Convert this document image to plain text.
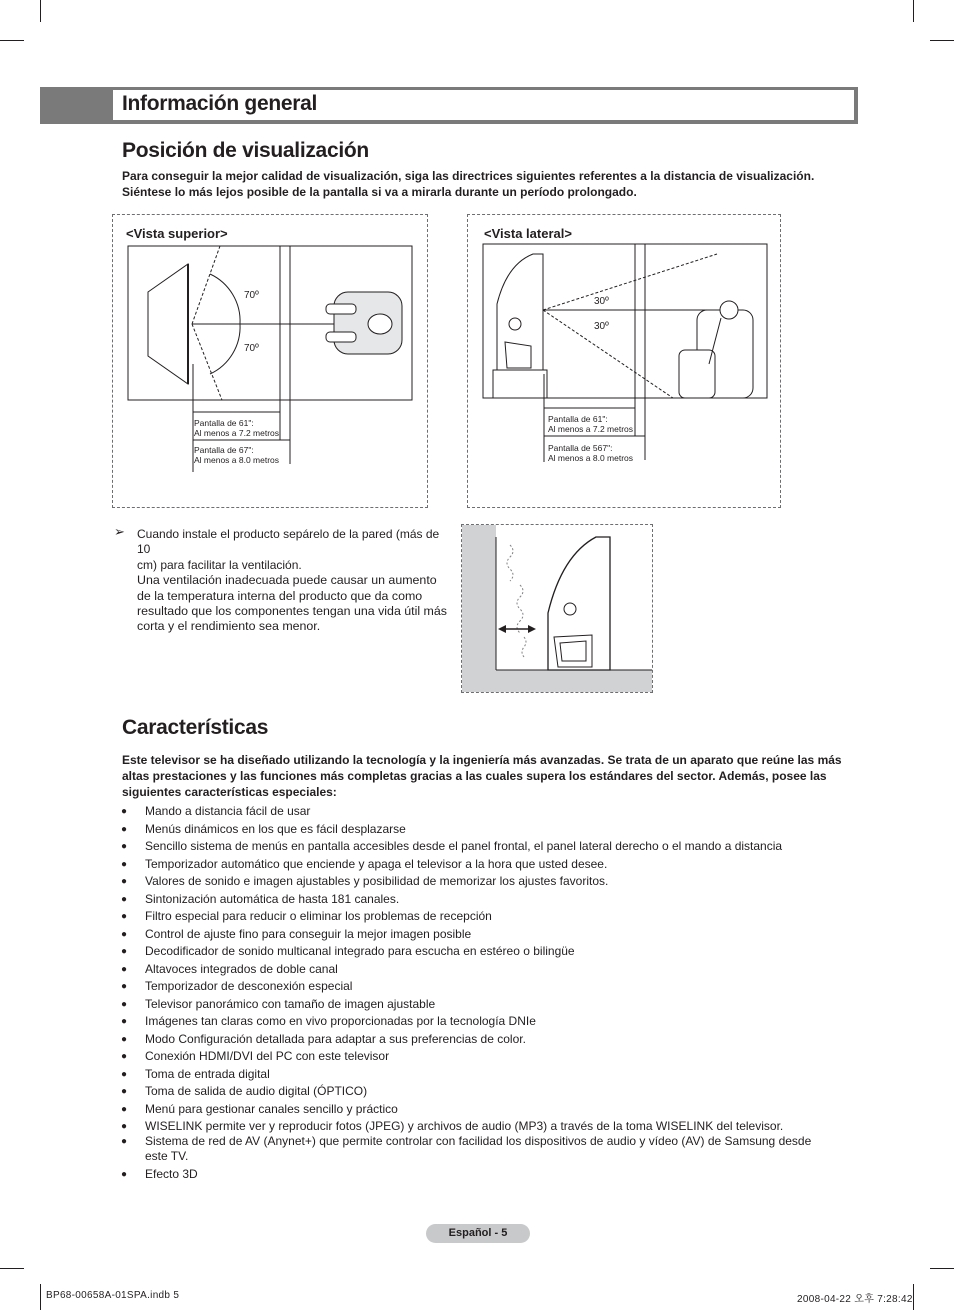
Información general
Posición de visualización
Para conseguir la mejor calidad de visualización, siga las directrices siguientes referentes a la distancia de visualización. Siéntese lo más lejos posible de la pantalla si va a mirarla durante un período prolongado.
<Vista superior>
70º
70º
Pantalla de 61":
Al menos a 7.2 metros
Pantalla de 67":
Al menos a 8.0 metros
<Vista lateral>
30º
30º
Pantalla de 61":
Al menos a 7.2 metros
Pantalla de 567":
Al menos a 8.0 metros
➢ Cuando instale el producto sepárelo de la pared (más de 10
cm) para facilitar la ventilación.
Una ventilación inadecuada puede causar un aumento
de la temperatura interna del producto que da como
resultado que los componentes tengan una vida útil más
corta y el rendimiento sea menor.
Características
Este televisor se ha diseñado utilizando la tecnología y la ingeniería más avanzadas. Se trata de un aparato que reúne las más altas prestaciones y las funciones más completas gracias a las cuales supera los estándares del sector. Además, posee las siguientes características especiales:
● Mando a distancia fácil de usar
● Menús dinámicos en los que es fácil desplazarse
● Sencillo sistema de menús en pantalla accesibles desde el panel frontal, el panel lateral derecho o el mando a distancia
● Temporizador automático que enciende y apaga el televisor a la hora que usted desee.
● Valores de sonido e imagen ajustables y posibilidad de memorizar los ajustes favoritos.
● Sintonización automática de hasta 181 canales.
● Filtro especial para reducir o eliminar los problemas de recepción
● Control de ajuste fino para conseguir la mejor imagen posible
● Decodificador de sonido multicanal integrado para escucha en estéreo o bilingüe
● Altavoces integrados de doble canal
● Temporizador de desconexión especial
● Televisor panorámico con tamaño de imagen ajustable
● Imágenes tan claras como en vivo proporcionadas por la tecnología DNIe
● Modo Configuración detallada para adaptar a sus preferencias de color.
● Conexión HDMI/DVI del PC con este televisor
● Toma de entrada digital
● Toma de salida de audio digital (ÓPTICO)
● Menú para gestionar canales sencillo y práctico
● WISELINK permite ver y reproducir fotos (JPEG) y archivos de audio (MP3) a través de la toma WISELINK del televisor.
● Sistema de red de AV (Anynet+) que permite controlar con facilidad los dispositivos de audio y vídeo (AV) de Samsung desde este TV.
● Efecto 3D
Español - 5
BP68-00658A-01SPA.indb 5	2008-04-22 오후 7:28:42
